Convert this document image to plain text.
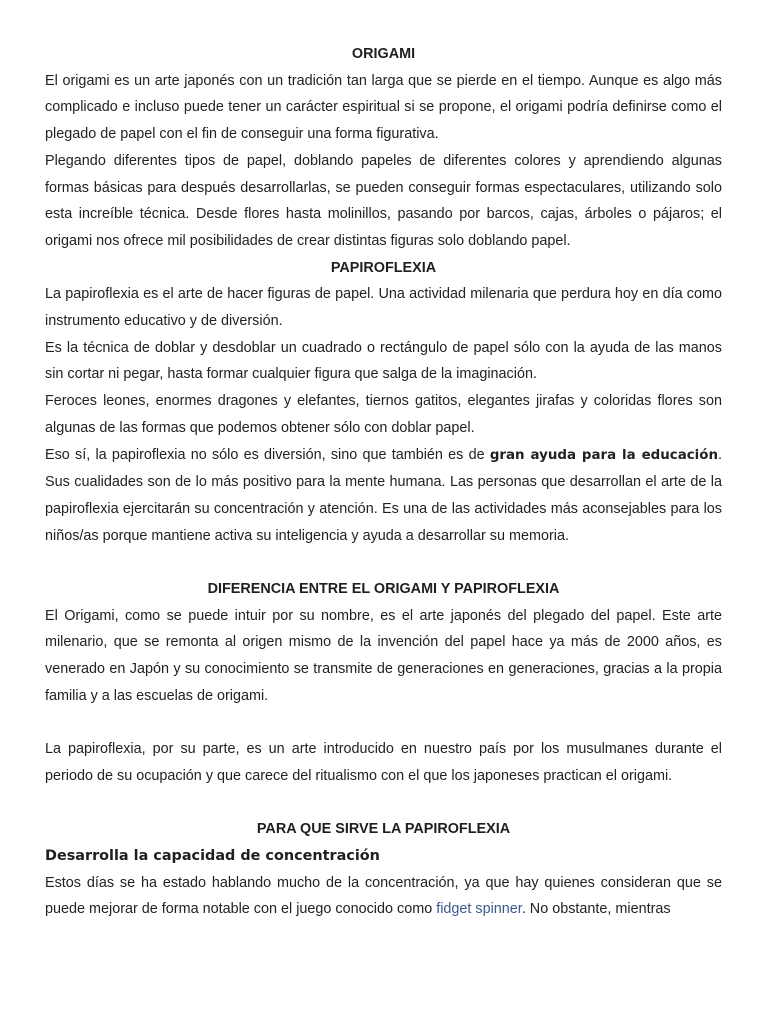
ORIGAMI

El origami es un arte japonés con un tradición tan larga que se pierde en el tiempo. Aunque es algo más complicado e incluso puede tener un carácter espiritual si se propone, el origami podría definirse como el plegado de papel con el fin de conseguir una forma figurativa.

Plegando diferentes tipos de papel, doblando papeles de diferentes colores y aprendiendo algunas formas básicas para después desarrollarlas, se pueden conseguir formas espectaculares, utilizando solo esta increíble técnica. Desde flores hasta molinillos, pasando por barcos, cajas, árboles o pájaros; el origami nos ofrece mil posibilidades de crear distintas figuras solo doblando papel.

PAPIROFLEXIA

La papiroflexia es el arte de hacer figuras de papel. Una actividad milenaria que perdura hoy en día como instrumento educativo y de diversión.

Es la técnica de doblar y desdoblar un cuadrado o rectángulo de papel sólo con la ayuda de las manos sin cortar ni pegar, hasta formar cualquier figura que salga de la imaginación.

Feroces leones, enormes dragones y elefantes, tiernos gatitos, elegantes jirafas y coloridas flores son algunas de las formas que podemos obtener sólo con doblar papel.

Eso sí, la papiroflexia no sólo es diversión, sino que también es de gran ayuda para la educación. Sus cualidades son de lo más positivo para la mente humana. Las personas que desarrollan el arte de la papiroflexia ejercitarán su concentración y atención. Es una de las actividades más aconsejables para los niños/as porque mantiene activa su inteligencia y ayuda a desarrollar su memoria.

DIFERENCIA ENTRE EL ORIGAMI Y PAPIROFLEXIA

El Origami, como se puede intuir por su nombre, es el arte japonés del plegado del papel. Este arte milenario, que se remonta al origen mismo de la invención del papel hace ya más de 2000 años, es venerado en Japón y su conocimiento se transmite de generaciones en generaciones, gracias a la propia familia y a las escuelas de origami.

La papiroflexia, por su parte, es un arte introducido en nuestro país por los musulmanes durante el periodo de su ocupación y que carece del ritualismo con el que los japoneses practican el origami.

PARA QUE SIRVE LA PAPIROFLEXIA
Desarrolla la capacidad de concentración

Estos días se ha estado hablando mucho de la concentración, ya que hay quienes consideran que se puede mejorar de forma notable con el juego conocido como fidget spinner. No obstante, mientras
